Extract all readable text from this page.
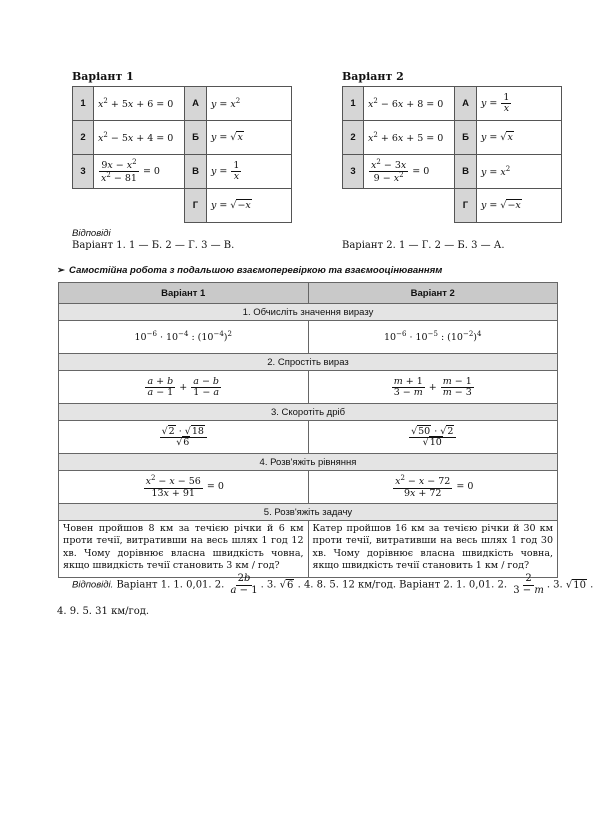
Варіант 1
1	$x^2 + 5x + 6 = 0$	А	$y = x^2$
2	$x^2 - 5x + 4 = 0$	Б	y = √x
3	$\frac{9x - x^2}{x^2 - 81} = 0$	В	$y = \frac{1}{x}$

		Г	y = √−x
Варіант 2
1	$x^2 - 6x + 8 = 0$	А	$y = \frac{1}{x}$

2	$x^2 + 6x + 5 = 0$	Б	y = √x
3	$\frac{x^2 - 3x}{9 - x^2} = 0$	В	$y = x^2$
		Г	y = √−x
Відповіді
Варіант 1. 1 — Б. 2 — Г. 3 — В.	Варіант 2. 1 — Г. 2 — Б. 3 — А.
➢ Самостійна робота з подальшою взаємоперевіркою та взаємооцінюванням
Варіант 1	Варіант 2
1. Обчисліть значення виразу	
$10^{-6} \cdot 10^{-4}$ : $(10^{-4})^2$	$10^{-6} \cdot 10^{-5}$ : $(10^{-2})^4$
2. Спростіть вираз	

$\frac{a + b}{a - 1} + \frac{a - b}{1 - a}$	$\frac{m + 1}{3 - m} + \frac{m - 1}{m - 3}$

3. Скоротіть дріб	

$\frac{√2 \cdot √18}{√6}$	$\frac{√50 \cdot √2}{√10}$

4. Розв'яжіть рівняння	

$\frac{x^2 - x - 56}{13x + 91} = 0$	$\frac{x^2 - x - 72}{9x + 72} = 0$
5. Розв'яжіть задачу	
Човен пройшов 8 км за течією річки й 6 км проти течії, витративши на весь шлях 1 год 12 хв. Чому дорівнює власна швидкість човна, якщо швидкість течії становить 3 км / год?	Катер пройшов 16 км за течією річки й 30 км проти течії, витративши на весь шлях 1 год 30 хв. Чому дорівнює власна швидкість човна, якщо швидкість течії становить 1 км / год?
Відповіді. Варіант 1. 1. 0,01. 2. $\frac{2b}{a - 1}$ . 3. √6 . 4. 8. 5. 12 км/год. Варіант 2. 1. 0,01. 2. $\frac{2}{3 - m}$ . 3. √10 .
4. 9. 5. 31 км/год.
